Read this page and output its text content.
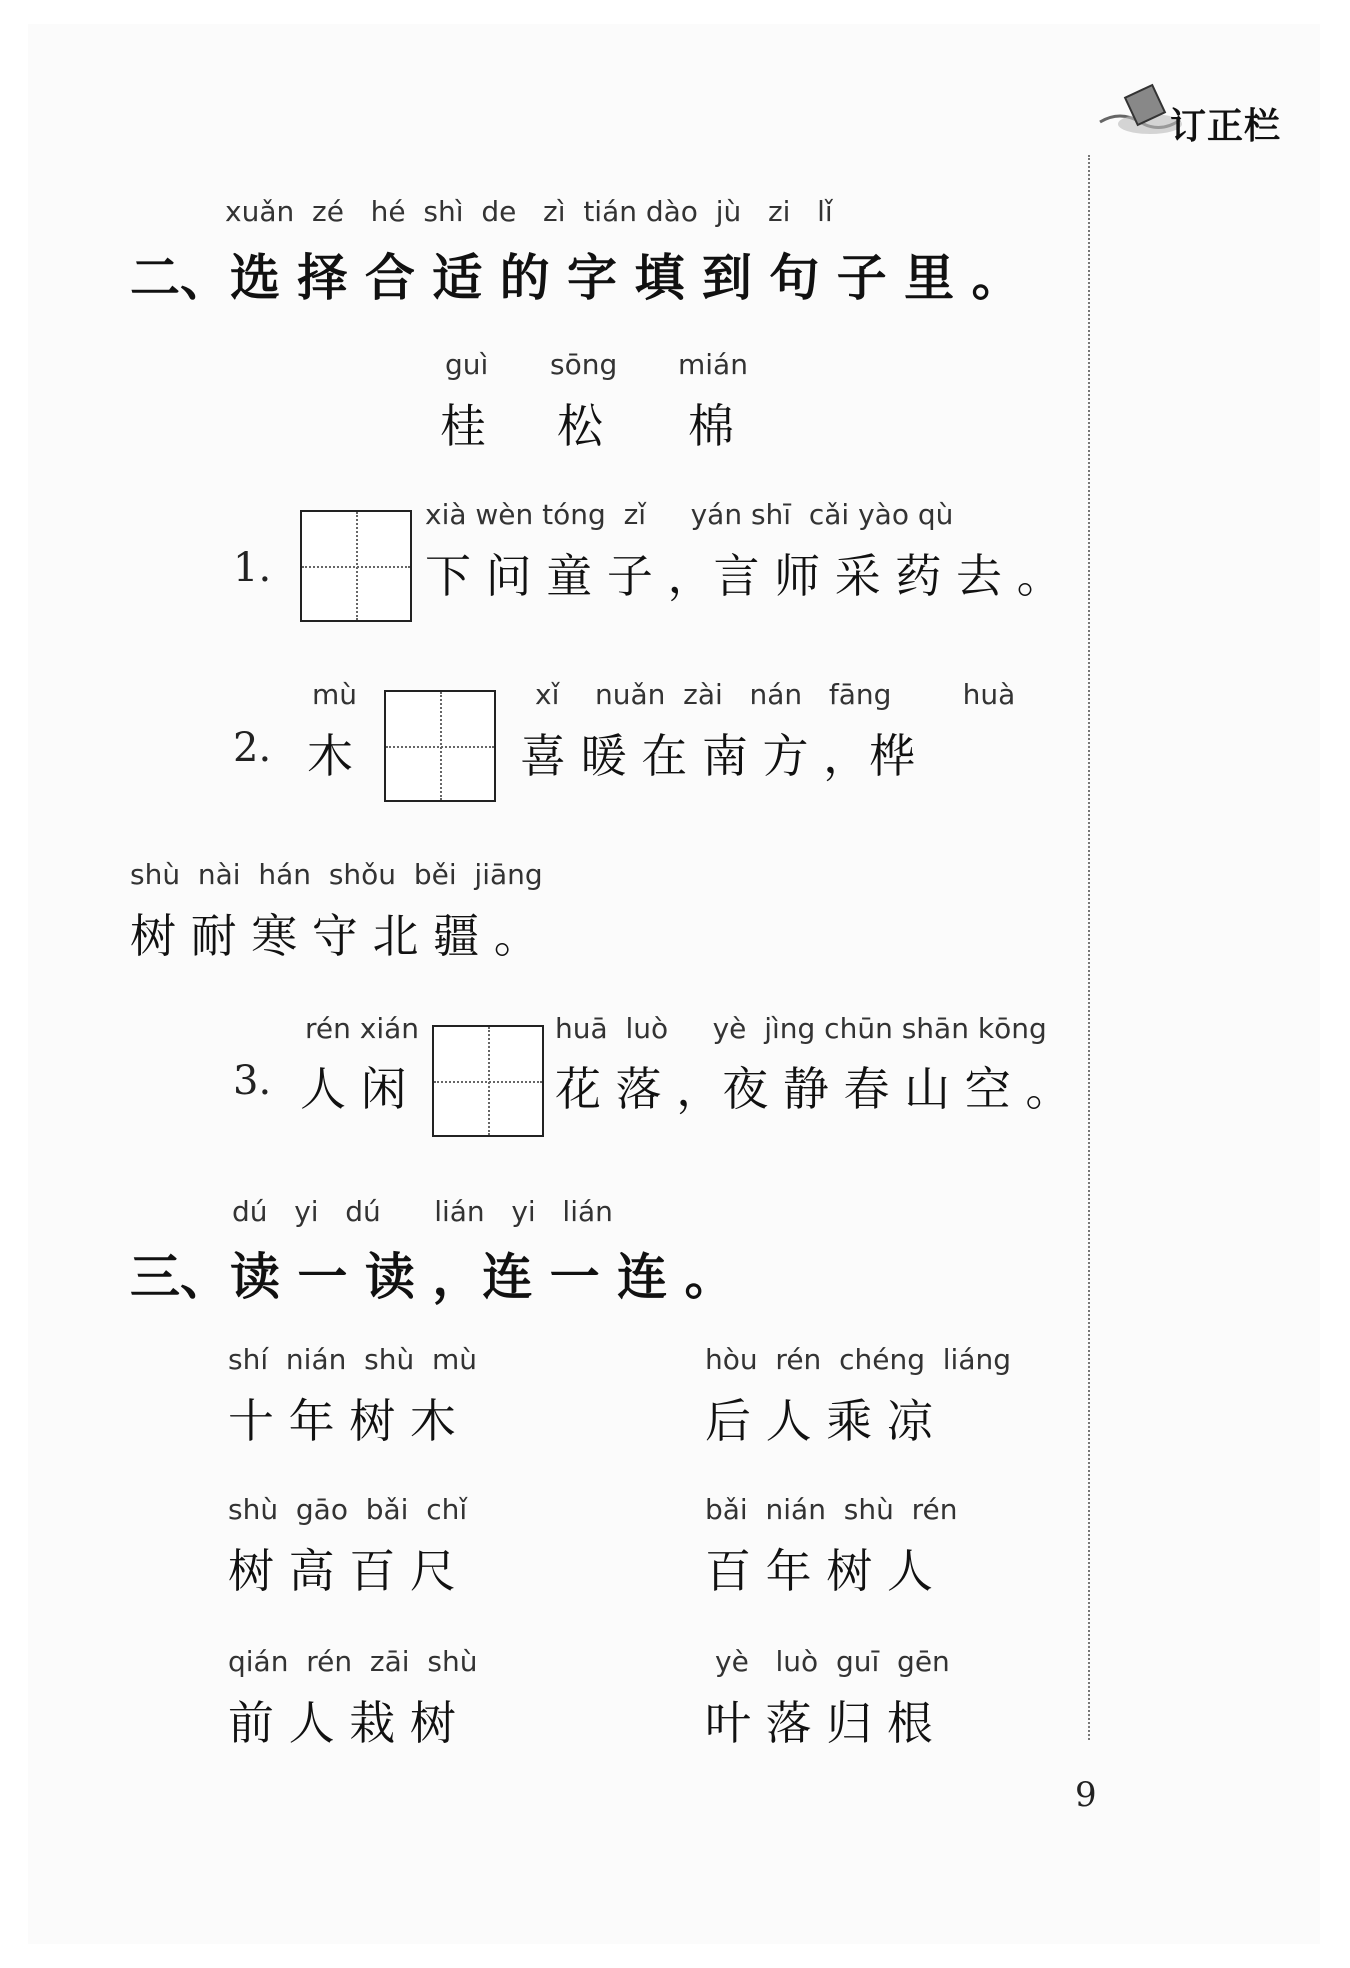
订正栏
xuǎn  zé   hé  shì  de   zì  tián dào  jù   zi   lǐ
二、选 择 合 适 的 字 填 到 句 子 里 。
guì
桂
sōng
松
mián
棉
1.
xià wèn tóng  zǐ     yán shī  cǎi yào qù
下 问 童 子 ，言 师 采 药 去 。
2.
mù
木
xǐ    nuǎn  zài   nán   fāng        huà
喜 暖 在 南 方 ，桦
shù  nài  hán  shǒu  běi  jiāng
树 耐 寒 守 北 疆 。
3.
rén xián
人 闲
huā  luò     yè  jìng chūn shān kōng
花 落 ，夜 静 春 山 空 。
dú   yi   dú      lián   yi   lián
三、读 一 读 ，连 一 连 。
shí  nián  shù  mù
十 年 树 木
shù  gāo  bǎi  chǐ
树 高 百 尺
qián  rén  zāi  shù
前 人 栽 树
hòu  rén  chéng  liáng
后 人 乘 凉
bǎi  nián  shù  rén
百 年 树 人
yè   luò  guī  gēn
叶 落 归 根
9
